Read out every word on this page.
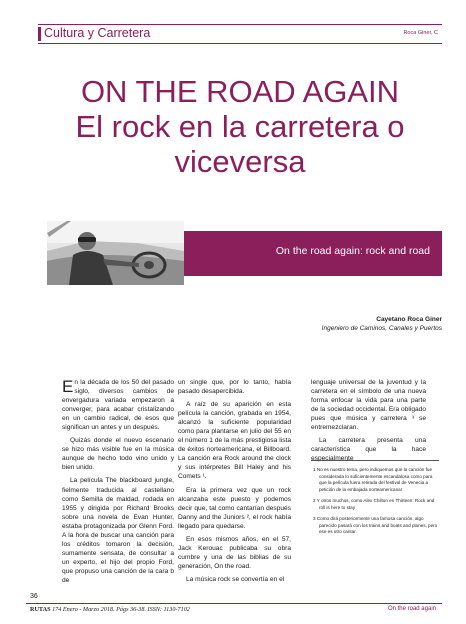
Cultura y Carretera	Roca Giner, C
ON THE ROAD AGAIN
El rock en la carretera o
viceversa
On the road again: rock and road
Cayetano Roca Giner
Ingeniero de Caminos, Canales y Puertos

En la década de los 50 del pasado siglo, diversos cambios de envergadura variada empezaron a converger, para acabar cristalizando en un cambio radical, de esos que significan un antes y un después.

Quizás donde el nuevo escenario se hizo más visible fue en la música aunque de hecho todo vino unido y bien unido.

La película The blackboard jungle, fielmente traducida al castellano como Semilla de maldad, rodada en 1955 y dirigida por Richard Brooks sobre una novela de Evan Hunter, estaba protagonizada por Glenn Ford. A la hora de buscar una canción para los créditos tomaron la decisión, sumamente sensata, de consultar a un experto, el hijo del propio Ford, que propuso una canción de la cara b de

un single que, por lo tanto, había pasado desapercibida.

A raíz de su aparición en esta película la canción, grabada en 1954, alcanzó la suficiente popularidad como para plantarse en julio del 55 en el número 1 de la más prestigiosa lista de éxitos norteamericana, el Billboard. La canción era Rock around the clock y sus intérpretes Bill Haley and his Comets ¹.

Era la primera vez que un rock alcanzaba este puesto y podemos decir que, tal como cantarían después Danny and the Juniors ², el rock había llegado para quedarse.

En esos mismos años, en el 57, Jack Kerouac publicaba su obra cumbre y una de las biblias de su generación, On the road.

La música rock se convertía en el

lenguaje universal de la juventud y la carretera en el símbolo de una nueva forma enfocar la vida para una parte de la sociedad occidental. Era obligado pues que música y carretera ³ se entremezclaran.

La carretera presenta una característica que la hace especialmente

1 No es nuestro tema, pero indiquemos que la canción fue considerada lo suficientemente escandalosa como para que la película fuera retirada del festival de Venecia a petición de la embajada norteamericana!
2 Y otros muchos, como Alex Chilton en Thirteen: Rock and roll is here to stay
3 Como dirá posteriormente una famosa canción, algo parecido pasará con los trains and boats and planes, pero ese es otro cantar.
36
RUTAS 174 Enero - Marzo 2018. Págs 36-38. ISSN: 1130-7102	On the road again
